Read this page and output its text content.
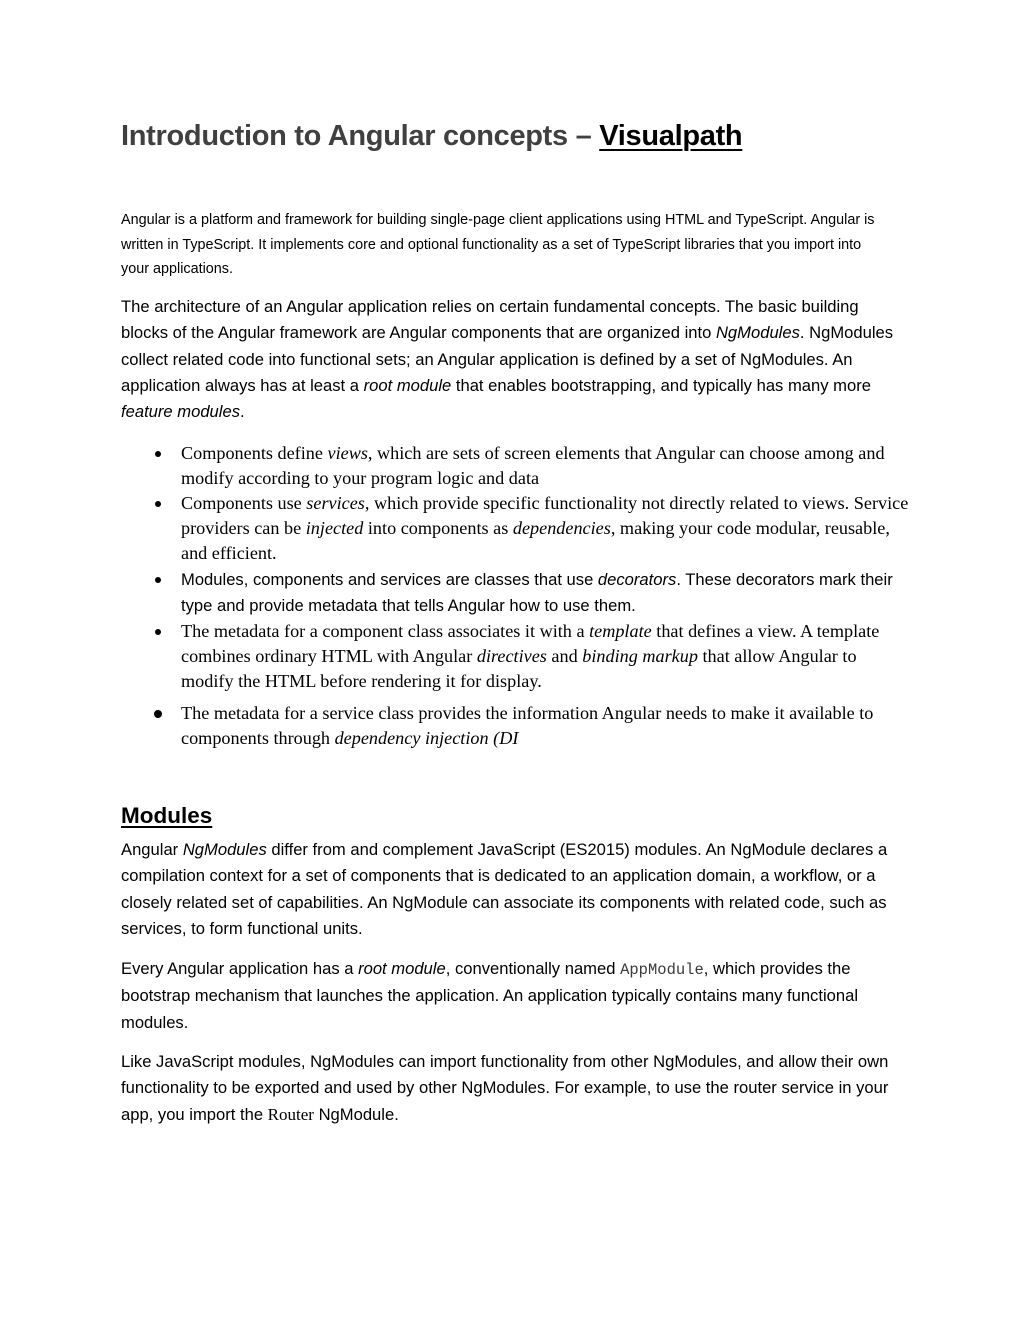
Introduction to Angular concepts – Visualpath

Angular is a platform and framework for building single-page client applications using HTML and TypeScript. Angular is written in TypeScript. It implements core and optional functionality as a set of TypeScript libraries that you import into your applications.

The architecture of an Angular application relies on certain fundamental concepts. The basic building blocks of the Angular framework are Angular components that are organized into NgModules. NgModules collect related code into functional sets; an Angular application is defined by a set of NgModules. An application always has at least a root module that enables bootstrapping, and typically has many more feature modules.

Components define views, which are sets of screen elements that Angular can choose among and modify according to your program logic and data
Components use services, which provide specific functionality not directly related to views. Service providers can be injected into components as dependencies, making your code modular, reusable, and efficient.
Modules, components and services are classes that use decorators. These decorators mark their type and provide metadata that tells Angular how to use them.
The metadata for a component class associates it with a template that defines a view. A template combines ordinary HTML with Angular directives and binding markup that allow Angular to modify the HTML before rendering it for display.
The metadata for a service class provides the information Angular needs to make it available to components through dependency injection (DI
Modules

Angular NgModules differ from and complement JavaScript (ES2015) modules. An NgModule declares a compilation context for a set of components that is dedicated to an application domain, a workflow, or a closely related set of capabilities. An NgModule can associate its components with related code, such as services, to form functional units.

Every Angular application has a root module, conventionally named AppModule, which provides the bootstrap mechanism that launches the application. An application typically contains many functional modules.

Like JavaScript modules, NgModules can import functionality from other NgModules, and allow their own functionality to be exported and used by other NgModules. For example, to use the router service in your app, you import the Router NgModule.
